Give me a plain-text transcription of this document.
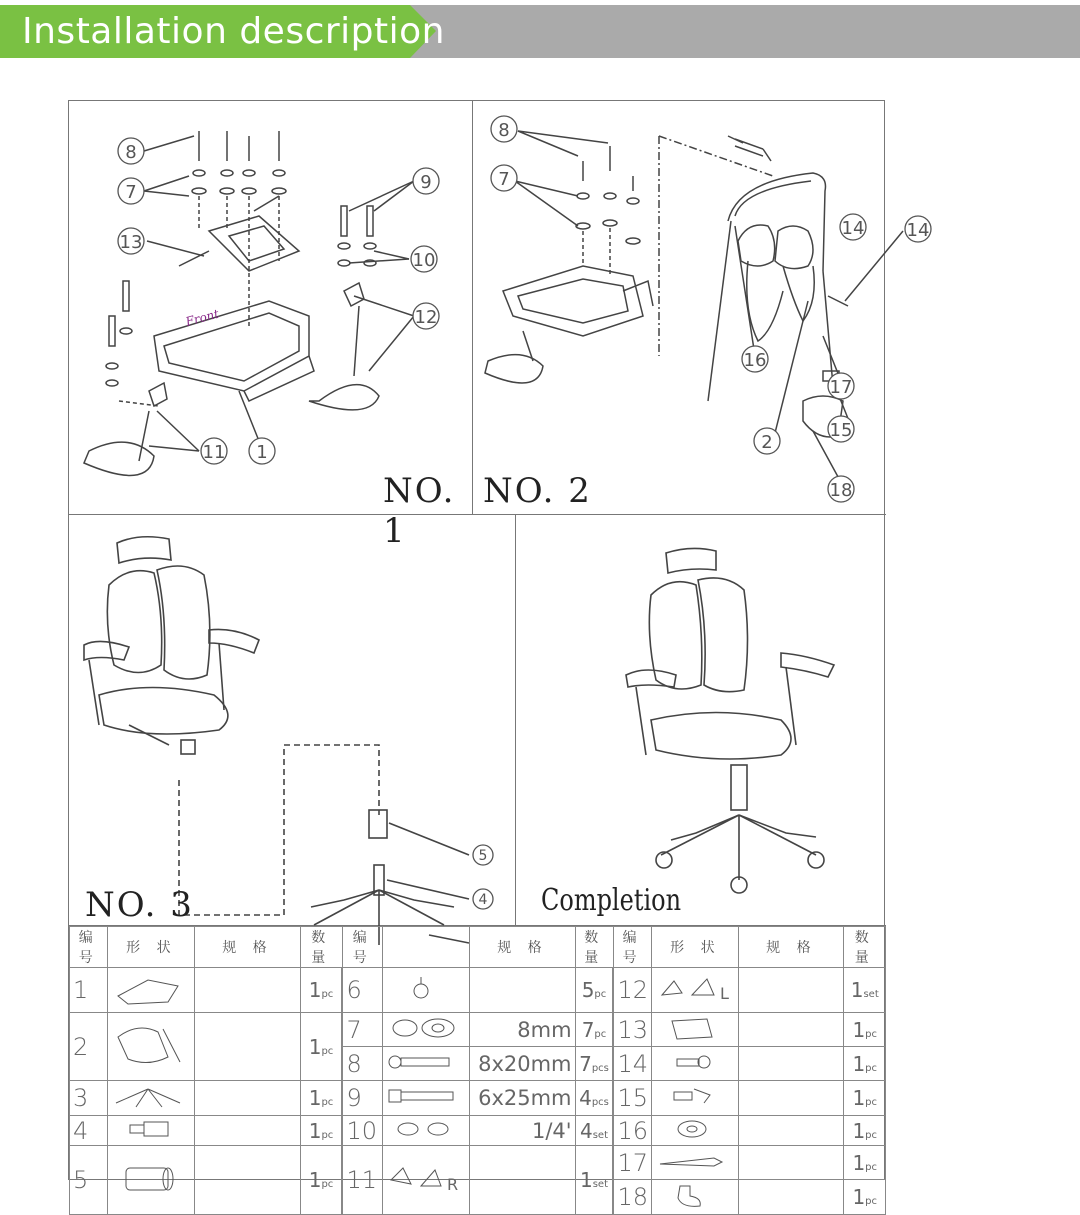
Installation description
Front
8
7
13
9
10
12
11 1
NO. 1
8
7
14
16
17
15
2
18
14
NO. 2
5
4
NO. 3	Completion
编号	形 状	规 格	数量	编号		规 格	数量	编号	形 状	规 格	数量
1			1pc	6			5pc	12	L		1set
2			1pc	7		8mm	7pc	13			1pc
				8		8x20mm	7pcs	14			1pc
3			1pc	9		6x25mm	4pcs	15			1pc
4			1pc	10		1/4'	4set	16			1pc
5			1pc	11	R		1set	17			1pc
								18			1pc
